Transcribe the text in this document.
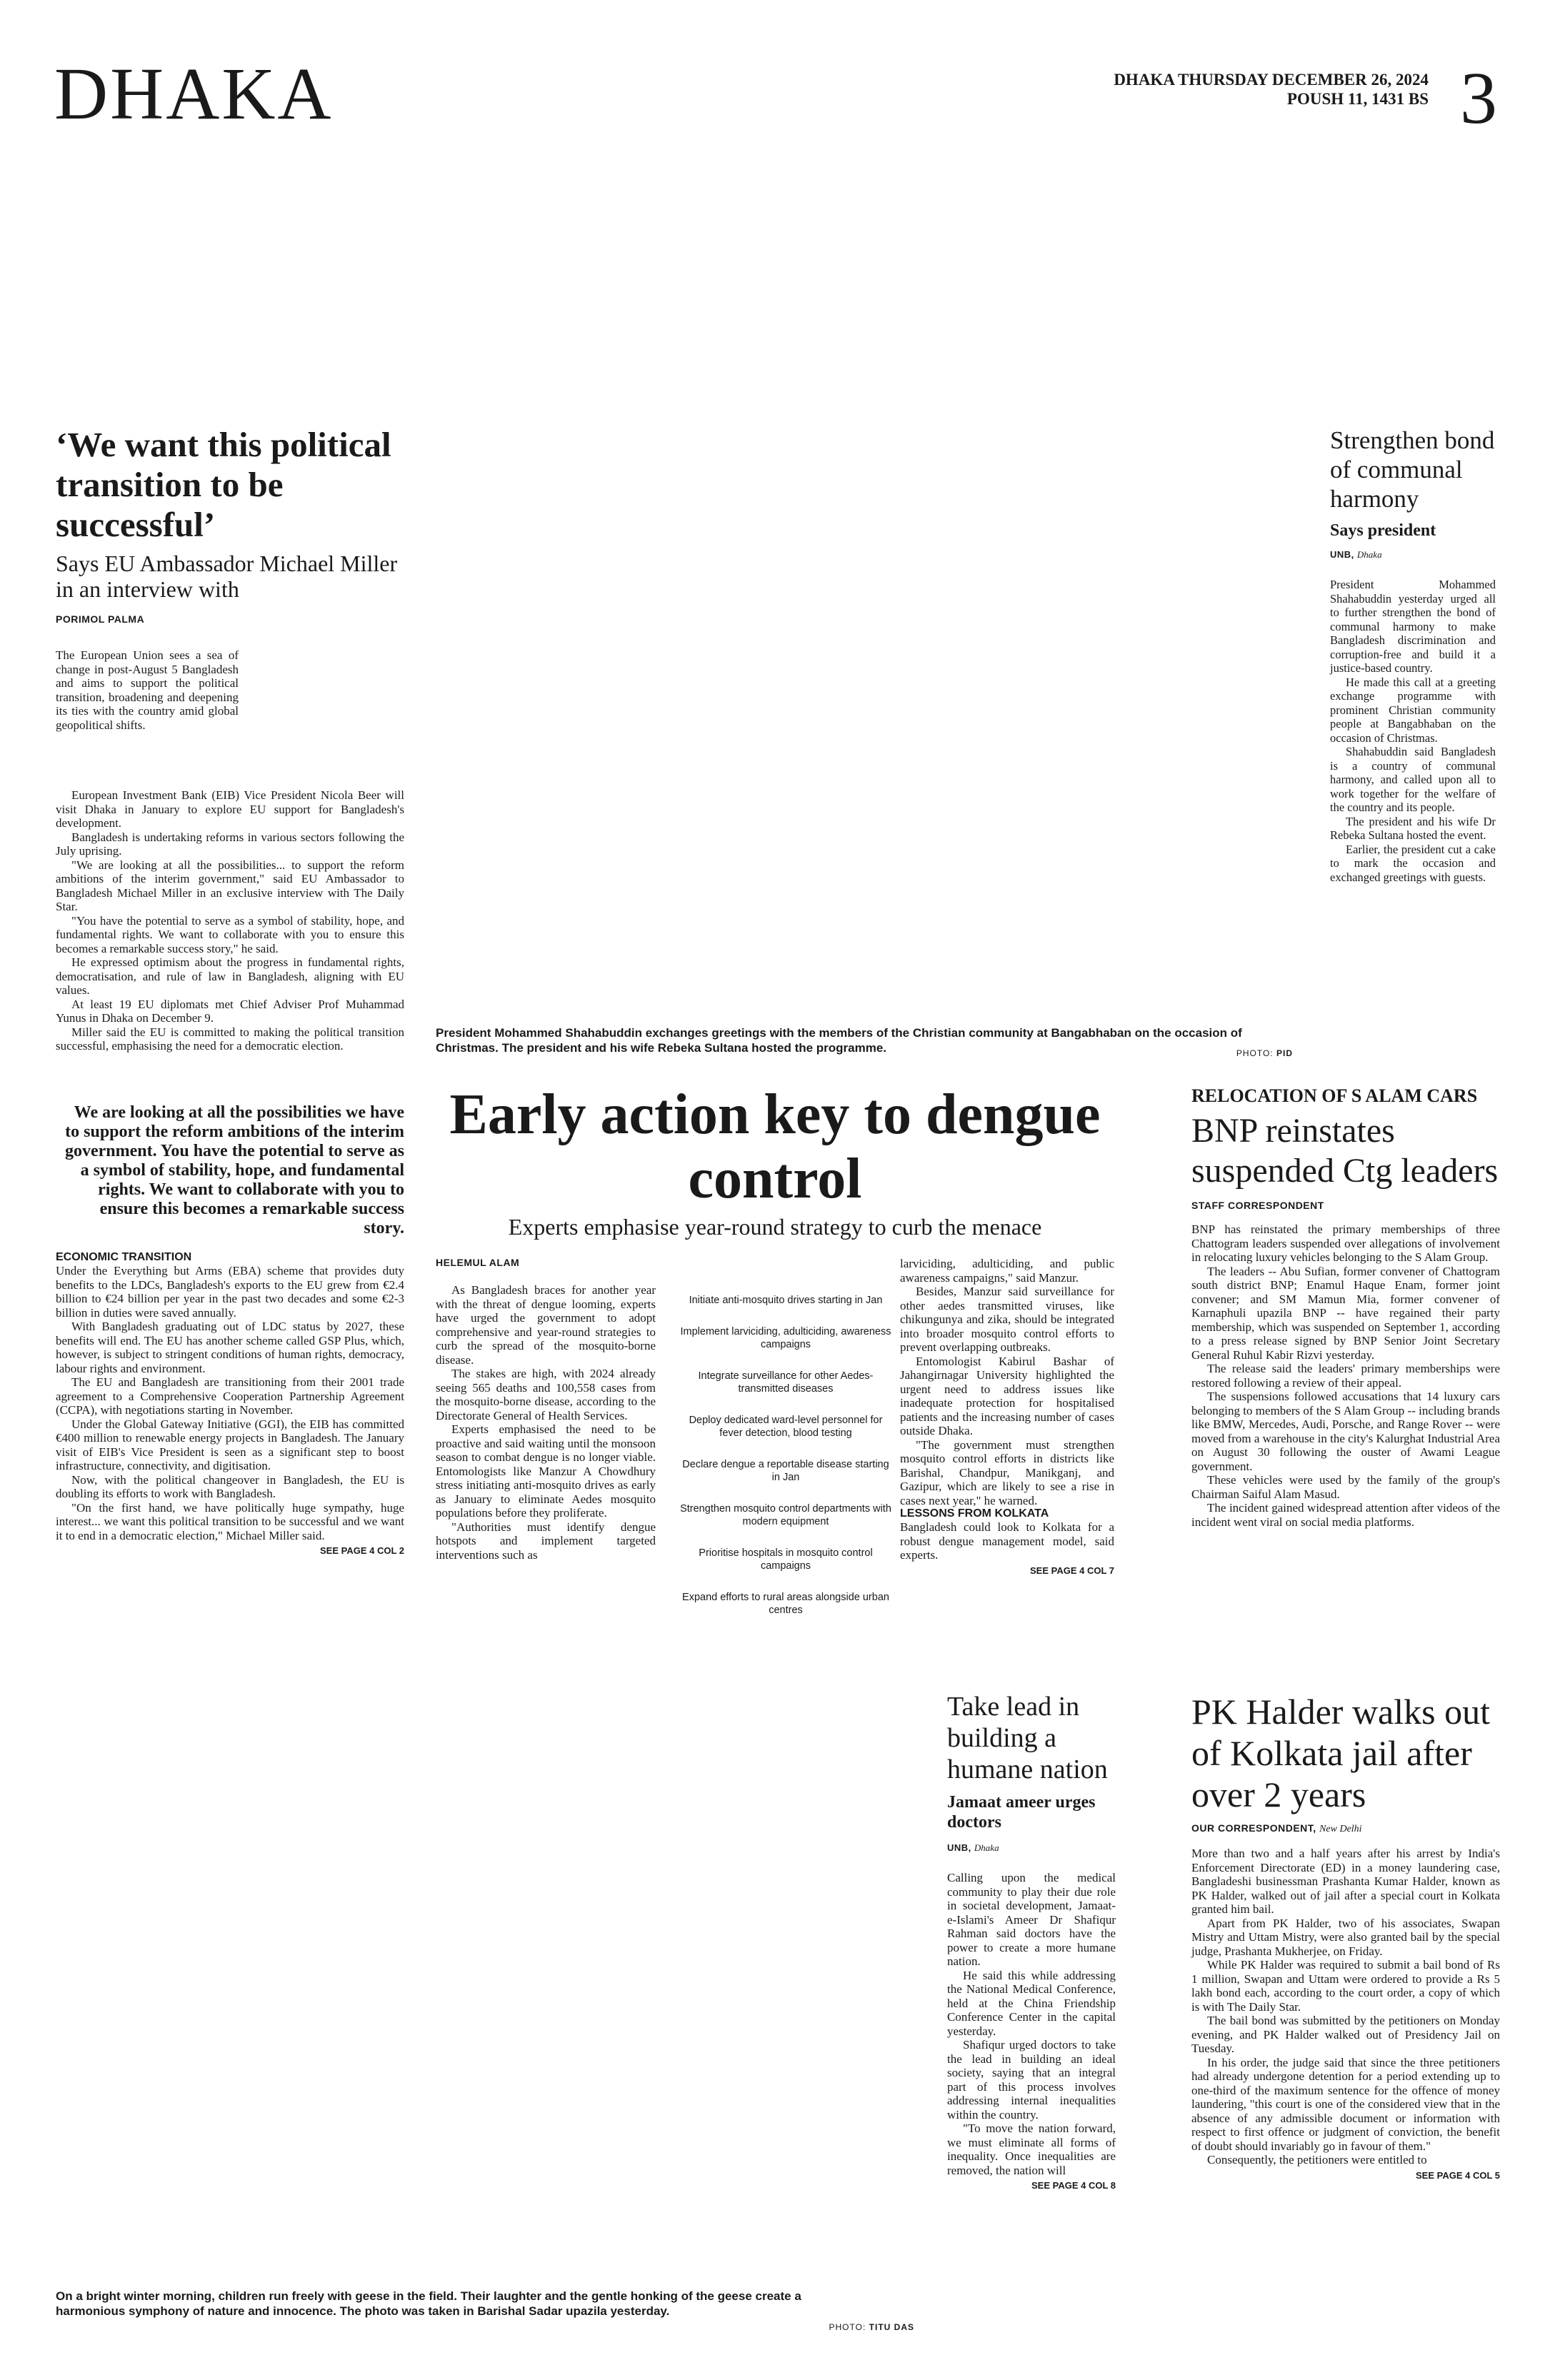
DHAKA	DHAKA THURSDAY DECEMBER 26, 2024
POUSH 11, 1431 BS 3
‘We want this political transition to be successful’
Says EU Ambassador Michael Miller in an interview with
PORIMOL PALMA

The European Union sees a sea of change in post-August 5 Bangladesh and aims to support the political transition, broadening and deepening its ties with the country amid global geopolitical shifts.

European Investment Bank (EIB) Vice President Nicola Beer will visit Dhaka in January to explore EU support for Bangladesh's development.

Bangladesh is undertaking reforms in various sectors following the July uprising.

"We are looking at all the possibilities... to support the reform ambitions of the interim government," said EU Ambassador to Bangladesh Michael Miller in an exclusive interview with The Daily Star.

"You have the potential to serve as a symbol of stability, hope, and fundamental rights. We want to collaborate with you to ensure this becomes a remarkable success story," he said.

He expressed optimism about the progress in fundamental rights, democratisation, and rule of law in Bangladesh, aligning with EU values.

At least 19 EU diplomats met Chief Adviser Prof Muhammad Yunus in Dhaka on December 9.

Miller said the EU is committed to making the political transition successful, emphasising the need for a democratic election.

We are looking at all the possibilities we have to support the reform ambitions of the interim government. You have the potential to serve as a symbol of stability, hope, and fundamental rights. We want to collaborate with you to ensure this becomes a remarkable success story.
ECONOMIC TRANSITION

Under the Everything but Arms (EBA) scheme that provides duty benefits to the LDCs, Bangladesh's exports to the EU grew from €2.4 billion to €24 billion per year in the past two decades and some €2-3 billion in duties were saved annually.

With Bangladesh graduating out of LDC status by 2027, these benefits will end. The EU has another scheme called GSP Plus, which, however, is subject to stringent conditions of human rights, democracy, labour rights and environment.

The EU and Bangladesh are transitioning from their 2001 trade agreement to a Comprehensive Cooperation Partnership Agreement (CCPA), with negotiations starting in November.

Under the Global Gateway Initiative (GGI), the EIB has committed €400 million to renewable energy projects in Bangladesh. The January visit of EIB's Vice President is seen as a significant step to boost infrastructure, connectivity, and digitisation.

Now, with the political changeover in Bangladesh, the EU is doubling its efforts to work with Bangladesh.

"On the first hand, we have politically huge sympathy, huge interest... we want this political transition to be successful and we want it to end in a democratic election," Michael Miller said.

SEE PAGE 4 COL 2
President Mohammed Shahabuddin exchanges greetings with the members of the Christian community at Bangabhaban on the occasion of Christmas. The president and his wife Rebeka Sultana hosted the programme.	PHOTO: PID
Strengthen bond of communal harmony
Says president
UNB, Dhaka

President Mohammed Shahabuddin yesterday urged all to further strengthen the bond of communal harmony to make Bangladesh discrimination and corruption-free and build it a justice-based country.

He made this call at a greeting exchange programme with prominent Christian community people at Bangabhaban on the occasion of Christmas.

Shahabuddin said Bangladesh is a country of communal harmony, and called upon all to work together for the welfare of the country and its people.

The president and his wife Dr Rebeka Sultana hosted the event.

Earlier, the president cut a cake to mark the occasion and exchanged greetings with guests.

Early action key to dengue control
Experts emphasise year-round strategy to curb the menace
HELEMUL ALAM

As Bangladesh braces for another year with the threat of dengue looming, experts have urged the government to adopt comprehensive and year-round strategies to curb the spread of the mosquito-borne disease.

The stakes are high, with 2024 already seeing 565 deaths and 100,558 cases from the mosquito-borne disease, according to the Directorate General of Health Services.

Experts emphasised the need to be proactive and said waiting until the monsoon season to combat dengue is no longer viable. Entomologists like Manzur A Chowdhury stress initiating anti-mosquito drives as early as January to eliminate Aedes mosquito populations before they proliferate.

"Authorities must identify dengue hotspots and implement targeted interventions such as

Initiate anti-mosquito drives starting in Jan
Implement larviciding, adulticiding, awareness campaigns
Integrate surveillance for other Aedes-transmitted diseases
Deploy dedicated ward-level personnel for fever detection, blood testing
Declare dengue a reportable disease starting in Jan
Strengthen mosquito control departments with modern equipment
Prioritise hospitals in mosquito control campaigns
Expand efforts to rural areas alongside urban centres

larviciding, adulticiding, and public awareness campaigns," said Manzur.

Besides, Manzur said surveillance for other aedes transmitted viruses, like chikungunya and zika, should be integrated into broader mosquito control efforts to prevent overlapping outbreaks.

Entomologist Kabirul Bashar of Jahangirnagar University highlighted the urgent need to address issues like inadequate protection for hospitalised patients and the increasing number of cases outside Dhaka.

"The government must strengthen mosquito control efforts in districts like Barishal, Chandpur, Manikganj, and Gazipur, which are likely to see a rise in cases next year," he warned.

LESSONS FROM KOLKATA

Bangladesh could look to Kolkata for a robust dengue management model, said experts.

SEE PAGE 4 COL 7
RELOCATION OF S ALAM CARS
BNP reinstates suspended Ctg leaders
STAFF CORRESPONDENT

BNP has reinstated the primary memberships of three Chattogram leaders suspended over allegations of involvement in relocating luxury vehicles belonging to the S Alam Group.

The leaders -- Abu Sufian, former convener of Chattogram south district BNP; Enamul Haque Enam, former joint convener; and SM Mamun Mia, former convener of Karnaphuli upazila BNP -- have regained their party membership, which was suspended on September 1, according to a press release signed by BNP Senior Joint Secretary General Ruhul Kabir Rizvi yesterday.

The release said the leaders' primary memberships were restored following a review of their appeal.

The suspensions followed accusations that 14 luxury cars belonging to members of the S Alam Group -- including brands like BMW, Mercedes, Audi, Porsche, and Range Rover -- were moved from a warehouse in the city's Kalurghat Industrial Area on August 30 following the ouster of Awami League government.

These vehicles were used by the family of the group's Chairman Saiful Alam Masud.

The incident gained widespread attention after videos of the incident went viral on social media platforms.

Take lead in building a humane nation
Jamaat ameer urges doctors
UNB, Dhaka

Calling upon the medical community to play their due role in societal development, Jamaat-e-Islami's Ameer Dr Shafiqur Rahman said doctors have the power to create a more humane nation.

He said this while addressing the National Medical Conference, held at the China Friendship Conference Center in the capital yesterday.

Shafiqur urged doctors to take the lead in building an ideal society, saying that an integral part of this process involves addressing internal inequalities within the country.

"To move the nation forward, we must eliminate all forms of inequality. Once inequalities are removed, the nation will

SEE PAGE 4 COL 8
PK Halder walks out of Kolkata jail after over 2 years
OUR CORRESPONDENT, New Delhi

More than two and a half years after his arrest by India's Enforcement Directorate (ED) in a money laundering case, Bangladeshi businessman Prashanta Kumar Halder, known as PK Halder, walked out of jail after a special court in Kolkata granted him bail.

Apart from PK Halder, two of his associates, Swapan Mistry and Uttam Mistry, were also granted bail by the special judge, Prashanta Mukherjee, on Friday.

While PK Halder was required to submit a bail bond of Rs 1 million, Swapan and Uttam were ordered to provide a Rs 5 lakh bond each, according to the court order, a copy of which is with The Daily Star.

The bail bond was submitted by the petitioners on Monday evening, and PK Halder walked out of Presidency Jail on Tuesday.

In his order, the judge said that since the three petitioners had already undergone detention for a period extending up to one-third of the maximum sentence for the offence of money laundering, "this court is one of the considered view that in the absence of any admissible document or information with respect to first offence or judgment of conviction, the benefit of doubt should invariably go in favour of them."

Consequently, the petitioners were entitled to

SEE PAGE 4 COL 5
On a bright winter morning, children run freely with geese in the field. Their laughter and the gentle honking of the geese create a harmonious symphony of nature and innocence. The photo was taken in Barishal Sadar upazila yesterday.
PHOTO: TITU DAS
